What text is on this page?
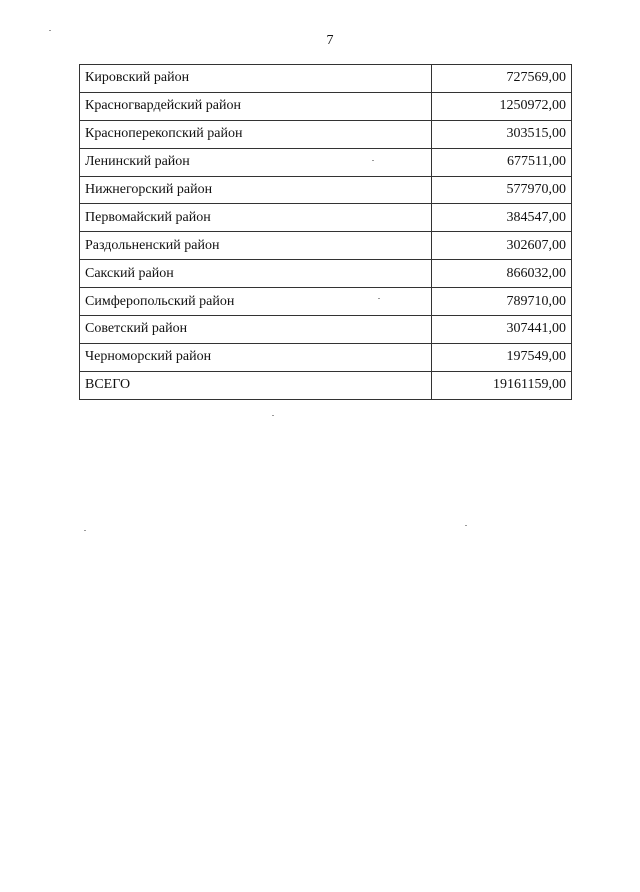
7
Кировский район	727569,00
Красногвардейский район	1250972,00
Красноперекопский район	303515,00
Ленинский район	677511,00
Нижнегорский район	577970,00
Первомайский район	384547,00
Раздольненский район	302607,00
Сакский район	866032,00
Симферопольский район	789710,00
Советский район	307441,00
Черноморский район	197549,00
ВСЕГО	19161159,00
